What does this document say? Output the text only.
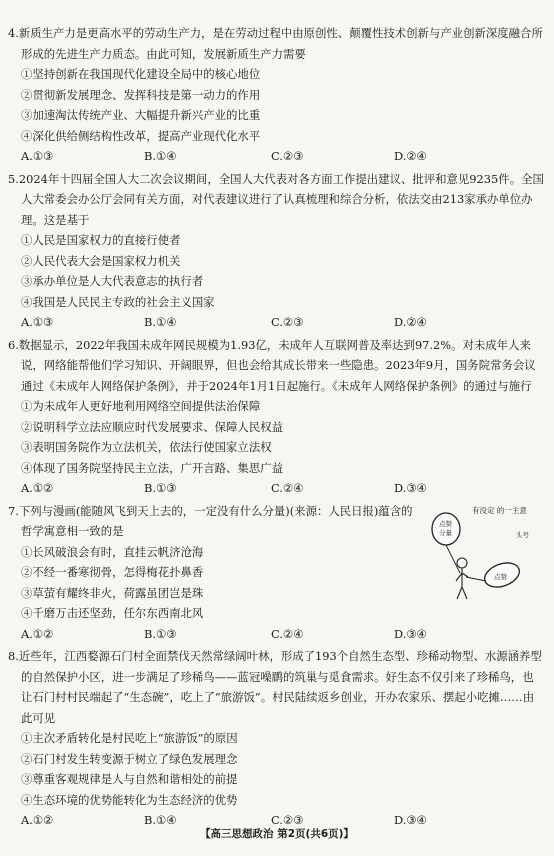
4.新质生产力是更高水平的劳动生产力，是在劳动过程中由原创性、颠覆性技术创新与产业创新深度融合所形成的先进生产力质态。由此可知，发展新质生产力需要
①坚持创新在我国现代化建设全局中的核心地位
②贯彻新发展理念、发挥科技是第一动力的作用
③加速淘汰传统产业、大幅提升新兴产业的比重
④深化供给侧结构性改革，提高产业现代化水平
A.①③	B.①④	C.②③	D.②④
5.2024年十四届全国人大二次会议期间，全国人大代表对各方面工作提出建议、批评和意见9235件。全国人大常委会办公厅会同有关方面，对代表建议进行了认真梳理和综合分析，依法交由213家承办单位办理。这是基于
①人民是国家权力的直接行使者
②人民代表大会是国家权力机关
③承办单位是人大代表意志的执行者
④我国是人民民主专政的社会主义国家
A.①③	B.①④	C.②③	D.②④
6.数据显示，2022年我国未成年网民规模为1.93亿，未成年人互联网普及率达到97.2%。对未成年人来说，网络能帮他们学习知识、开阔眼界，但也会给其成长带来一些隐患。2023年9月，国务院常务会议通过《未成年人网络保护条例》，并于2024年1月1日起施行。《未成年人网络保护条例》的通过与施行
①为未成年人更好地利用网络空间提供法治保障
②说明科学立法应顺应时代发展要求、保障人民权益
③表明国务院作为立法机关，依法行使国家立法权
④体现了国务院坚持民主立法，广开言路、集思广益
A.①②	B.①③	C.②④	D.③④
7.下列与漫画(能随风飞到天上去的，一定没有什么分量)(来源：人民日报)蕴含的哲学寓意相一致的是
①长风破浪会有时，直挂云帆济沧海
②不经一番寒彻骨，怎得梅花扑鼻香
③草萤有耀终非火，荷露虽团岂是珠
④千磨万击还坚劲，任尔东西南北风
A.①②	B.①③	C.②④	D.③④
有没定 的一主意
点赞
分量
点赞
头号
8.近些年，江西婺源石门村全面禁伐天然常绿阔叶林，形成了193个自然生态型、珍稀动物型、水源涵养型的自然保护小区，进一步满足了珍稀鸟——蓝冠噪鹛的筑巢与觅食需求。好生态不仅引来了珍稀鸟，也让石门村村民端起了“生态碗”，吃上了“旅游饭”。村民陆续返乡创业，开办农家乐、摆起小吃摊……由此可见
①主次矛盾转化是村民吃上“旅游饭”的原因
②石门村发生转变源于树立了绿色发展理念
③尊重客观规律是人与自然和谐相处的前提
④生态环境的优势能转化为生态经济的优势
A.①②	B.①④	C.②③	D.③④
【高三思想政治 第2页(共6页)】
